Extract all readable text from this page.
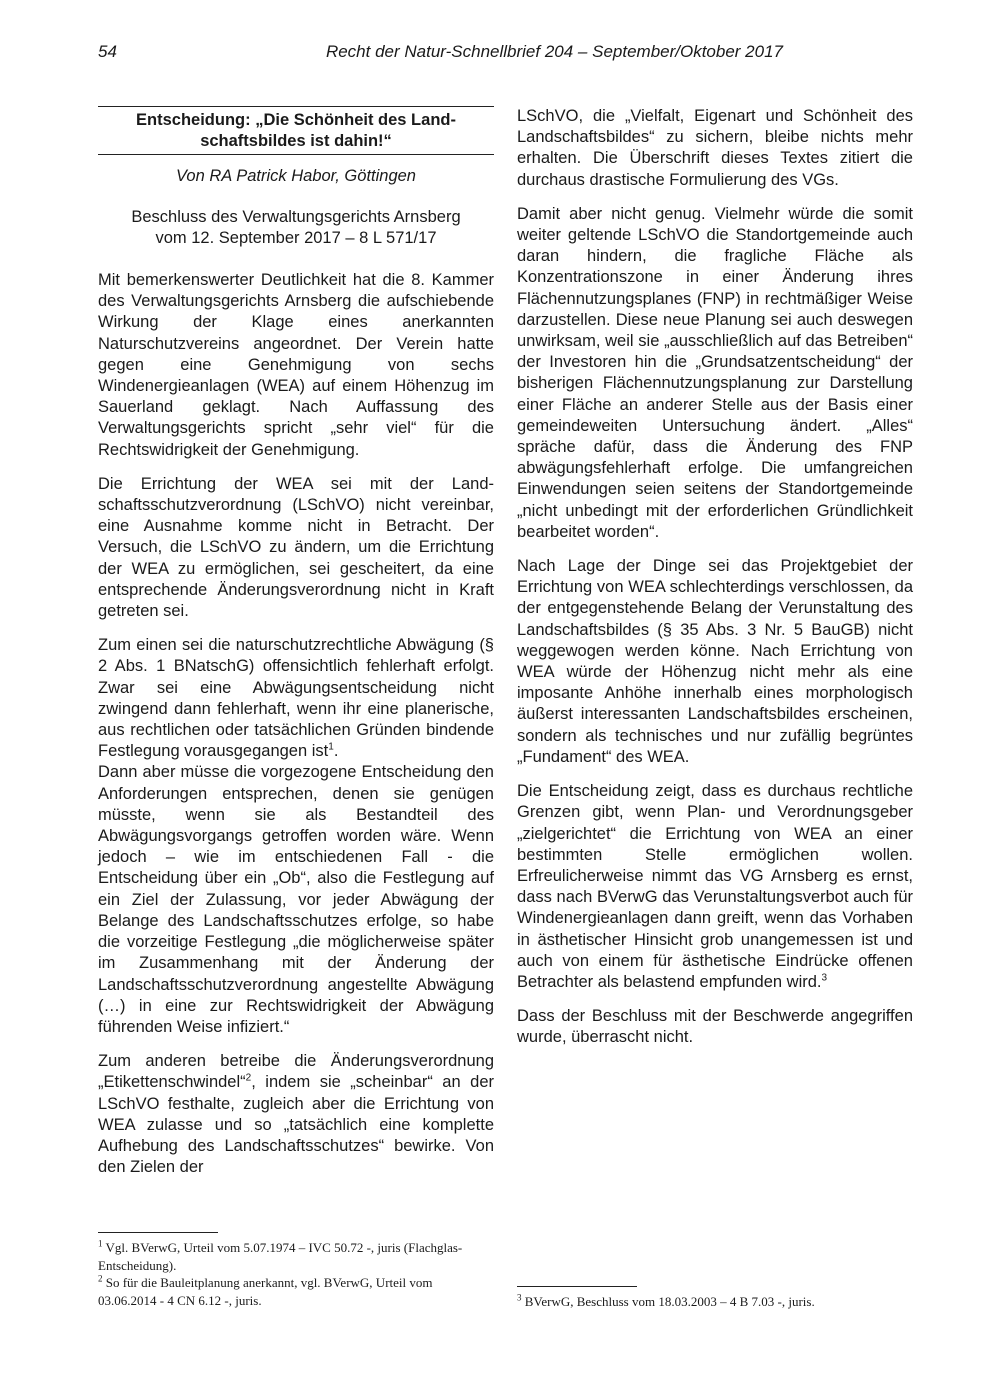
54	Recht der Natur-Schnellbrief 204 – September/Oktober 2017
Entscheidung: „Die Schönheit des Land-
schaftsbildes ist dahin!“
Von RA Patrick Habor, Göttingen
Beschluss des Verwaltungsgerichts Arnsberg
vom 12. September 2017 – 8 L 571/17

Mit bemerkenswerter Deutlichkeit hat die 8. Kammer des Verwaltungsgerichts Arnsberg die aufschiebende Wirkung der Klage eines anerkannten Naturschutzvereins angeordnet. Der Verein hatte gegen eine Genehmigung von sechs Windenergieanlagen (WEA) auf einem Höhenzug im Sauerland geklagt. Nach Auffassung des Verwaltungsgerichts spricht „sehr viel“ für die Rechtswidrigkeit der Genehmigung.

Die Errichtung der WEA sei mit der Landschaftsschutzverordnung (LSchVO) nicht vereinbar, eine Ausnahme komme nicht in Betracht. Der Versuch, die LSchVO zu ändern, um die Errichtung der WEA zu ermöglichen, sei gescheitert, da eine entsprechende Änderungsverordnung nicht in Kraft getreten sei.

Zum einen sei die naturschutzrechtliche Abwägung (§ 2 Abs. 1 BNatschG) offensichtlich fehlerhaft erfolgt. Zwar sei eine Abwägungsentscheidung nicht zwingend dann fehlerhaft, wenn ihr eine planerische, aus rechtlichen oder tatsächlichen Gründen bindende Festlegung vorausgegangen ist$^1$.

Dann aber müsse die vorgezogene Entscheidung den Anforderungen entsprechen, denen sie genügen müsste, wenn sie als Bestandteil des Abwägungsvorgangs getroffen worden wäre. Wenn jedoch – wie im entschiedenen Fall - die Entscheidung über ein „Ob“, also die Festlegung auf ein Ziel der Zulassung, vor jeder Abwägung der Belange des Landschaftsschutzes erfolge, so habe die vorzeitige Festlegung „die möglicherweise später im Zusammenhang mit der Änderung der Landschaftsschutzverordnung angestellte Abwägung (…) in eine zur Rechtswidrigkeit der Abwägung führenden Weise infiziert.“

Zum anderen betreibe die Änderungsverordnung „Etikettenschwindel“$^2$, indem sie „scheinbar“ an der LSchVO festhalte, zugleich aber die Errichtung von WEA zulasse und so „tatsächlich eine komplette Aufhebung des Landschaftsschutzes“ bewirke. Von den Zielen der

LSchVO, die „Vielfalt, Eigenart und Schönheit des Landschaftsbildes“ zu sichern, bleibe nichts mehr erhalten. Die Überschrift dieses Textes zitiert die durchaus drastische Formulierung des VGs.

Damit aber nicht genug. Vielmehr würde die somit weiter geltende LSchVO die Standortgemeinde auch daran hindern, die fragliche Fläche als Konzentrationszone in einer Änderung ihres Flächennutzungsplanes (FNP) in rechtmäßiger Weise darzustellen. Diese neue Planung sei auch deswegen unwirksam, weil sie „ausschließlich auf das Betreiben“ der Investoren hin die „Grundsatzentscheidung“ der bisherigen Flächennutzungsplanung zur Darstellung einer Fläche an anderer Stelle aus der Basis einer gemeindeweiten Untersuchung ändert. „Alles“ spräche dafür, dass die Änderung des FNP abwägungsfehlerhaft erfolge. Die umfangreichen Einwendungen seien seitens der Standortgemeinde „nicht unbedingt mit der erforderlichen Gründlichkeit bearbeitet worden“.

Nach Lage der Dinge sei das Projektgebiet der Errichtung von WEA schlechterdings verschlossen, da der entgegenstehende Belang der Verunstaltung des Landschaftsbildes (§ 35 Abs. 3 Nr. 5 BauGB) nicht weggewogen werden könne. Nach Errichtung von WEA würde der Höhenzug nicht mehr als eine imposante Anhöhe innerhalb eines morphologisch äußerst interessanten Landschaftsbildes erscheinen, sondern als technisches und nur zufällig begrüntes „Fundament“ des WEA.

Die Entscheidung zeigt, dass es durchaus rechtliche Grenzen gibt, wenn Plan- und Verordnungsgeber „zielgerichtet“ die Errichtung von WEA an einer bestimmten Stelle ermöglichen wollen. Erfreulicherweise nimmt das VG Arnsberg es ernst, dass nach BVerwG das Verunstaltungsverbot auch für Windenergieanlagen dann greift, wenn das Vorhaben in ästhetischer Hinsicht grob unangemessen ist und auch von einem für ästhetische Eindrücke offenen Betrachter als belastend empfunden wird.$^3$

Dass der Beschluss mit der Beschwerde angegriffen wurde, überrascht nicht.

$^1$ Vgl. BVerwG, Urteil vom 5.07.1974 – IVC 50.72 -, juris (Flachglas-Entscheidung).

$^2$ So für die Bauleitplanung anerkannt, vgl. BVerwG, Urteil vom 03.06.2014 - 4 CN 6.12 -, juris.	$^3$ BVerwG, Beschluss vom 18.03.2003 – 4 B 7.03 -, juris.
